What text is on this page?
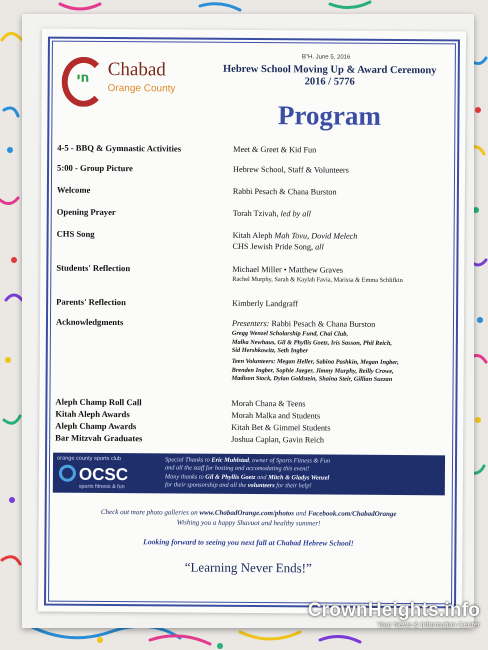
חי Chabad
Orange County
B"H, June 5, 2016
Hebrew School Moving Up & Award Ceremony
2016 / 5776
Program
4-5 - BBQ & Gymnastic Activities	Meet & Greet & Kid Fun
5:00 - Group Picture	Hebrew School, Staff & Volunteers
Welcome	Rabbi Pesach & Chana Burston
Opening Prayer	Torah Tzivah, led by all
CHS Song	Kitah Aleph Mah Tovu, Dovid Melech
CHS Jewish Pride Song, all
Students' Reflection	Michael Miller • Matthew Graves
Rachel Murphy, Sarah & Kaylah Favia, Marissa & Emma Schlifkin
Parents' Reflection	Kimberly Landgraff
Acknowledgments	Presenters: Rabbi Pesach & Chana Burston
Gregg Wenzel Scholarship Fund, Chai Club,
Malka Newhaus, Gil & Phyllis Goetz, Iris Sasson, Phil Reich,
Sid Hershkowitz, Seth Ingber
Teen Volunteers: Megan Heller, Sabina Pashkin, Megan Ingber,
Brenden Ingber, Sophie Jaeger, Jimmy Murphy, Reilly Crowe,
Madison Stock, Dylan Goldstein, Shaina Steir, Gillian Suzzan
Aleph Champ Roll Call	Morah Chana & Teens
Kitah Aleph Awards	Morah Malka and Students
Aleph Champ Awards	Kitah Bet & Gimmel Students
Bar Mitzvah Graduates	Joshua Caplan, Gavin Reich
orange county sports club
OCSC
sports fitness & fun
Special Thanks to Eric Muhlstad, owner of Sports Fitness & Fun
and all the staff for hosting and accomodating this event!
Many thanks to Gil & Phyllis Goetz and Mitch & Gladys Wenzel
for their sponsorship and all the volunteers for their help!
Check out more photo galleries on www.ChabadOrange.com/photos and Facebook.com/ChabadOrange
Wishing you a happy Shavuot and healthy summer!
Looking forward to seeing you next fall at Chabad Hebrew School!
“Learning Never Ends!”
CrownHeights.info
Your News & Information Center
